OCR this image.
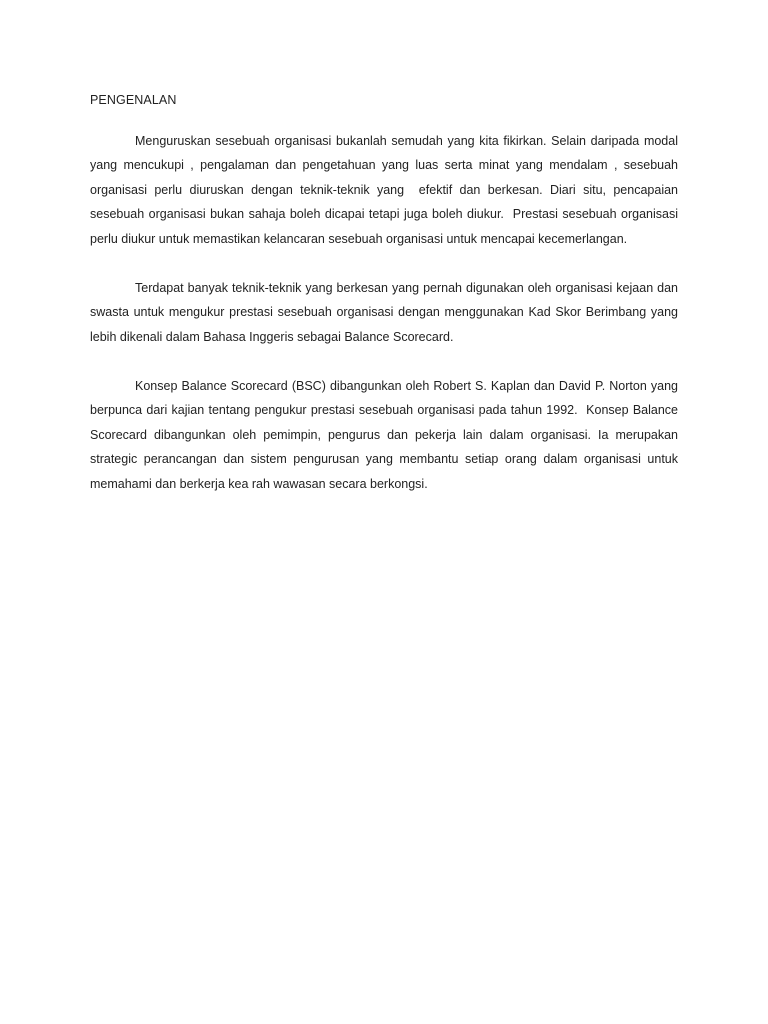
PENGENALAN

Menguruskan sesebuah organisasi bukanlah semudah yang kita fikirkan. Selain daripada modal yang mencukupi , pengalaman dan pengetahuan yang luas serta minat yang mendalam , sesebuah organisasi perlu diuruskan dengan teknik-teknik yang  efektif dan berkesan. Diari situ, pencapaian sesebuah organisasi bukan sahaja boleh dicapai tetapi juga boleh diukur.  Prestasi sesebuah organisasi  perlu diukur untuk memastikan kelancaran sesebuah organisasi untuk mencapai kecemerlangan.

Terdapat banyak teknik-teknik yang berkesan yang pernah digunakan oleh organisasi kejaan dan swasta untuk mengukur prestasi sesebuah organisasi dengan menggunakan Kad Skor Berimbang yang lebih dikenali dalam Bahasa Inggeris sebagai Balance Scorecard.

Konsep Balance Scorecard (BSC) dibangunkan oleh Robert S. Kaplan dan David P. Norton yang berpunca dari kajian tentang pengukur prestasi sesebuah organisasi pada tahun 1992.  Konsep Balance Scorecard dibangunkan oleh pemimpin, pengurus dan pekerja lain dalam organisasi. Ia merupakan strategic perancangan dan sistem pengurusan yang membantu setiap orang dalam organisasi untuk memahami dan berkerja kea rah wawasan secara berkongsi.
